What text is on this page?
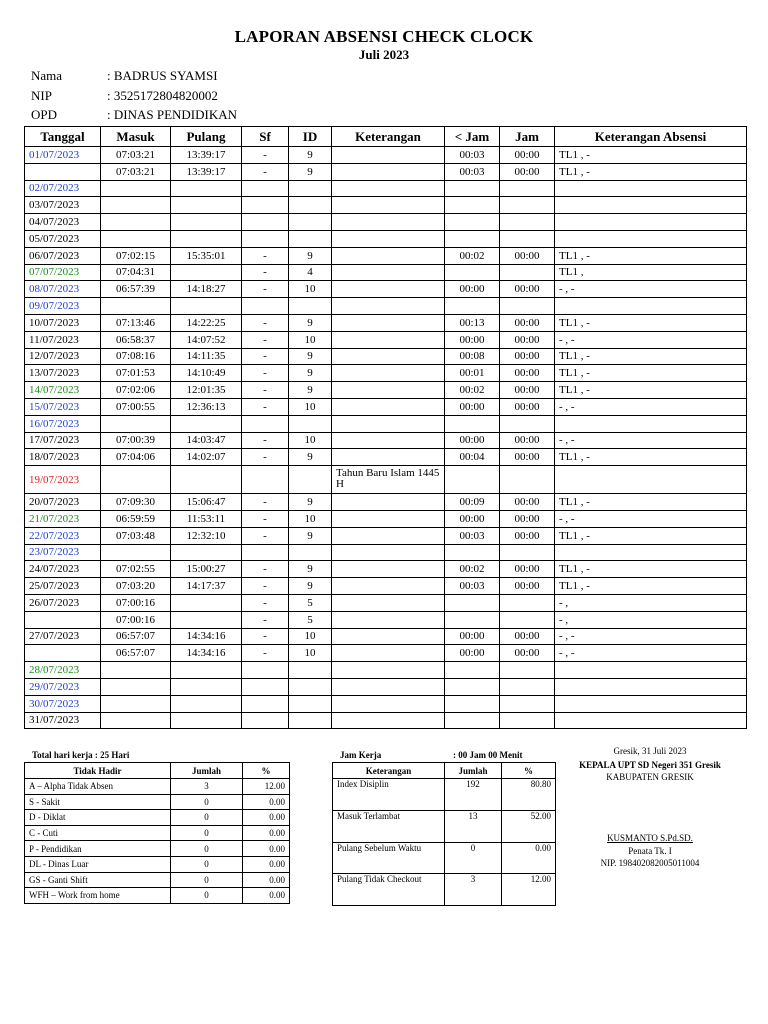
LAPORAN ABSENSI CHECK CLOCK
Juli 2023
Nama	: BADRUS SYAMSI
NIP	: 3525172804820002
OPD	: DINAS PENDIDIKAN
Tanggal	Masuk	Pulang	Sf	ID	Keterangan	< Jam	Jam	Keterangan Absensi
01/07/2023	07:03:21	13:39:17	-	9		00:03	00:00	TL1 , -
	07:03:21	13:39:17	-	9		00:03	00:00	TL1 , -
02/07/2023								
03/07/2023								
04/07/2023								
05/07/2023								
06/07/2023	07:02:15	15:35:01	-	9		00:02	00:00	TL1 , -
07/07/2023	07:04:31		-	4				TL1 ,
08/07/2023	06:57:39	14:18:27	-	10		00:00	00:00	- , -
09/07/2023								
10/07/2023	07:13:46	14:22:25	-	9		00:13	00:00	TL1 , -
11/07/2023	06:58:37	14:07:52	-	10		00:00	00:00	- , -
12/07/2023	07:08:16	14:11:35	-	9		00:08	00:00	TL1 , -
13/07/2023	07:01:53	14:10:49	-	9		00:01	00:00	TL1 , -
14/07/2023	07:02:06	12:01:35	-	9		00:02	00:00	TL1 , -
15/07/2023	07:00:55	12:36:13	-	10		00:00	00:00	- , -
16/07/2023								
17/07/2023	07:00:39	14:03:47	-	10		00:00	00:00	- , -
18/07/2023	07:04:06	14:02:07	-	9		00:04	00:00	TL1 , -
19/07/2023					Tahun Baru Islam 1445 H			
20/07/2023	07:09:30	15:06:47	-	9		00:09	00:00	TL1 , -
21/07/2023	06:59:59	11:53:11	-	10		00:00	00:00	- , -
22/07/2023	07:03:48	12:32:10	-	9		00:03	00:00	TL1 , -
23/07/2023								
24/07/2023	07:02:55	15:00:27	-	9		00:02	00:00	TL1 , -
25/07/2023	07:03:20	14:17:37	-	9		00:03	00:00	TL1 , -
26/07/2023	07:00:16		-	5				- ,
	07:00:16		-	5				- ,
27/07/2023	06:57:07	14:34:16	-	10		00:00	00:00	- , -
	06:57:07	14:34:16	-	10		00:00	00:00	- , -
28/07/2023								
29/07/2023								
30/07/2023								
31/07/2023								
Total hari kerja : 25 Hari	Jam Kerja	: 00 Jam 00 Menit
Tidak Hadir	Jumlah	%
A – Alpha Tidak Absen	3	12.00
S - Sakit	0	0.00
D - Diklat	0	0.00
C - Cuti	0	0.00
P - Pendidikan	0	0.00
DL - Dinas Luar	0	0.00
GS - Ganti Shift	0	0.00
WFH – Work from home	0	0.00
Keterangan	Jumlah	%
Index Disiplin	192	80.80
Masuk Terlambat	13	52.00
Pulang Sebelum Waktu	0	0.00
Pulang Tidak Checkout	3	12.00
Gresik, 31 Juli 2023
KEPALA UPT SD Negeri 351 Gresik
KABUPATEN GRESIK
KUSMANTO S.Pd.SD.
Penata Tk. I
NIP. 198402082005011004
